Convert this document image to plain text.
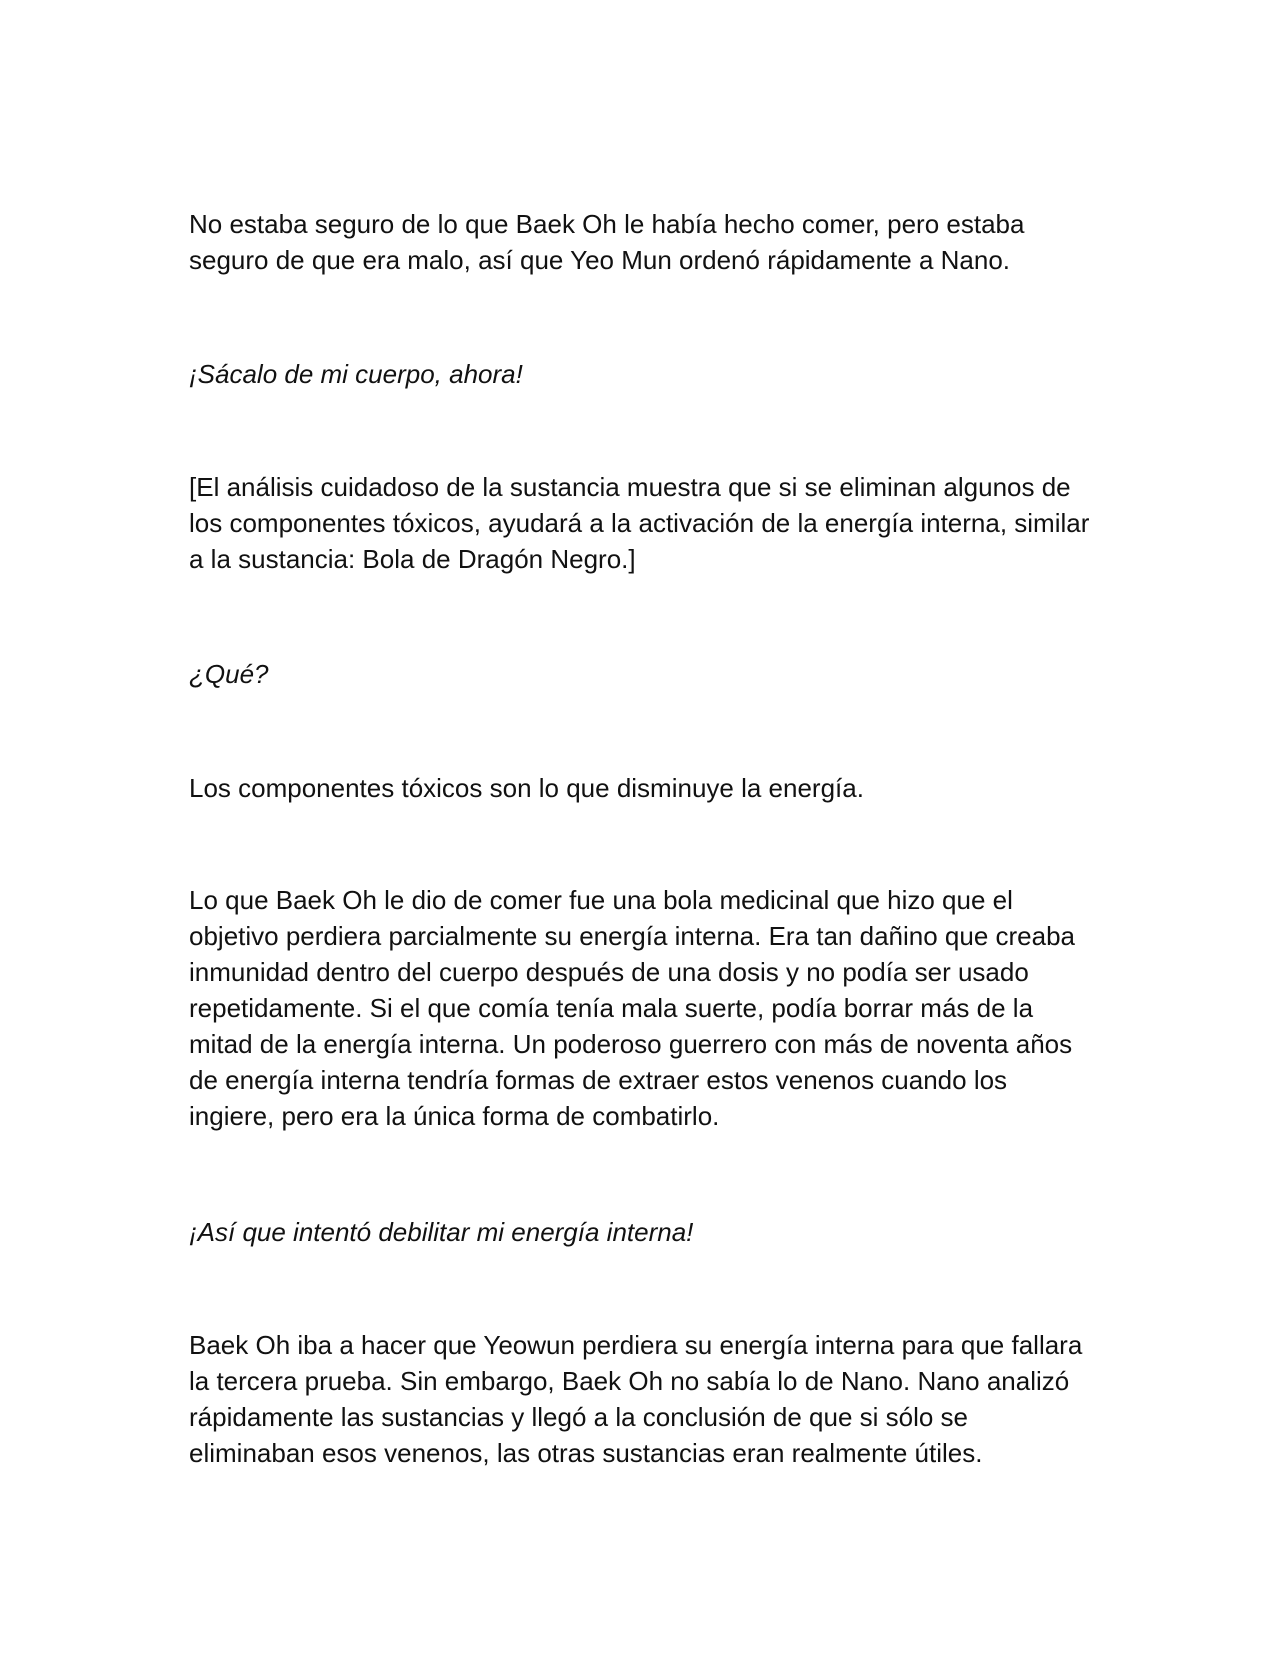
No estaba seguro de lo que Baek Oh le había hecho comer, pero estaba seguro de que era malo, así que Yeo Mun ordenó rápidamente a Nano.

¡Sácalo de mi cuerpo, ahora!

[El análisis cuidadoso de la sustancia muestra que si se eliminan algunos de los componentes tóxicos, ayudará a la activación de la energía interna, similar a la sustancia: Bola de Dragón Negro.]

¿Qué?

Los componentes tóxicos son lo que disminuye la energía.

Lo que Baek Oh le dio de comer fue una bola medicinal que hizo que el objetivo perdiera parcialmente su energía interna. Era tan dañino que creaba inmunidad dentro del cuerpo después de una dosis y no podía ser usado repetidamente. Si el que comía tenía mala suerte, podía borrar más de la mitad de la energía interna. Un poderoso guerrero con más de noventa años de energía interna tendría formas de extraer estos venenos cuando los ingiere, pero era la única forma de combatirlo.

¡Así que intentó debilitar mi energía interna!

Baek Oh iba a hacer que Yeowun perdiera su energía interna para que fallara la tercera prueba. Sin embargo, Baek Oh no sabía lo de Nano. Nano analizó rápidamente las sustancias y llegó a la conclusión de que si sólo se eliminaban esos venenos, las otras sustancias eran realmente útiles.
